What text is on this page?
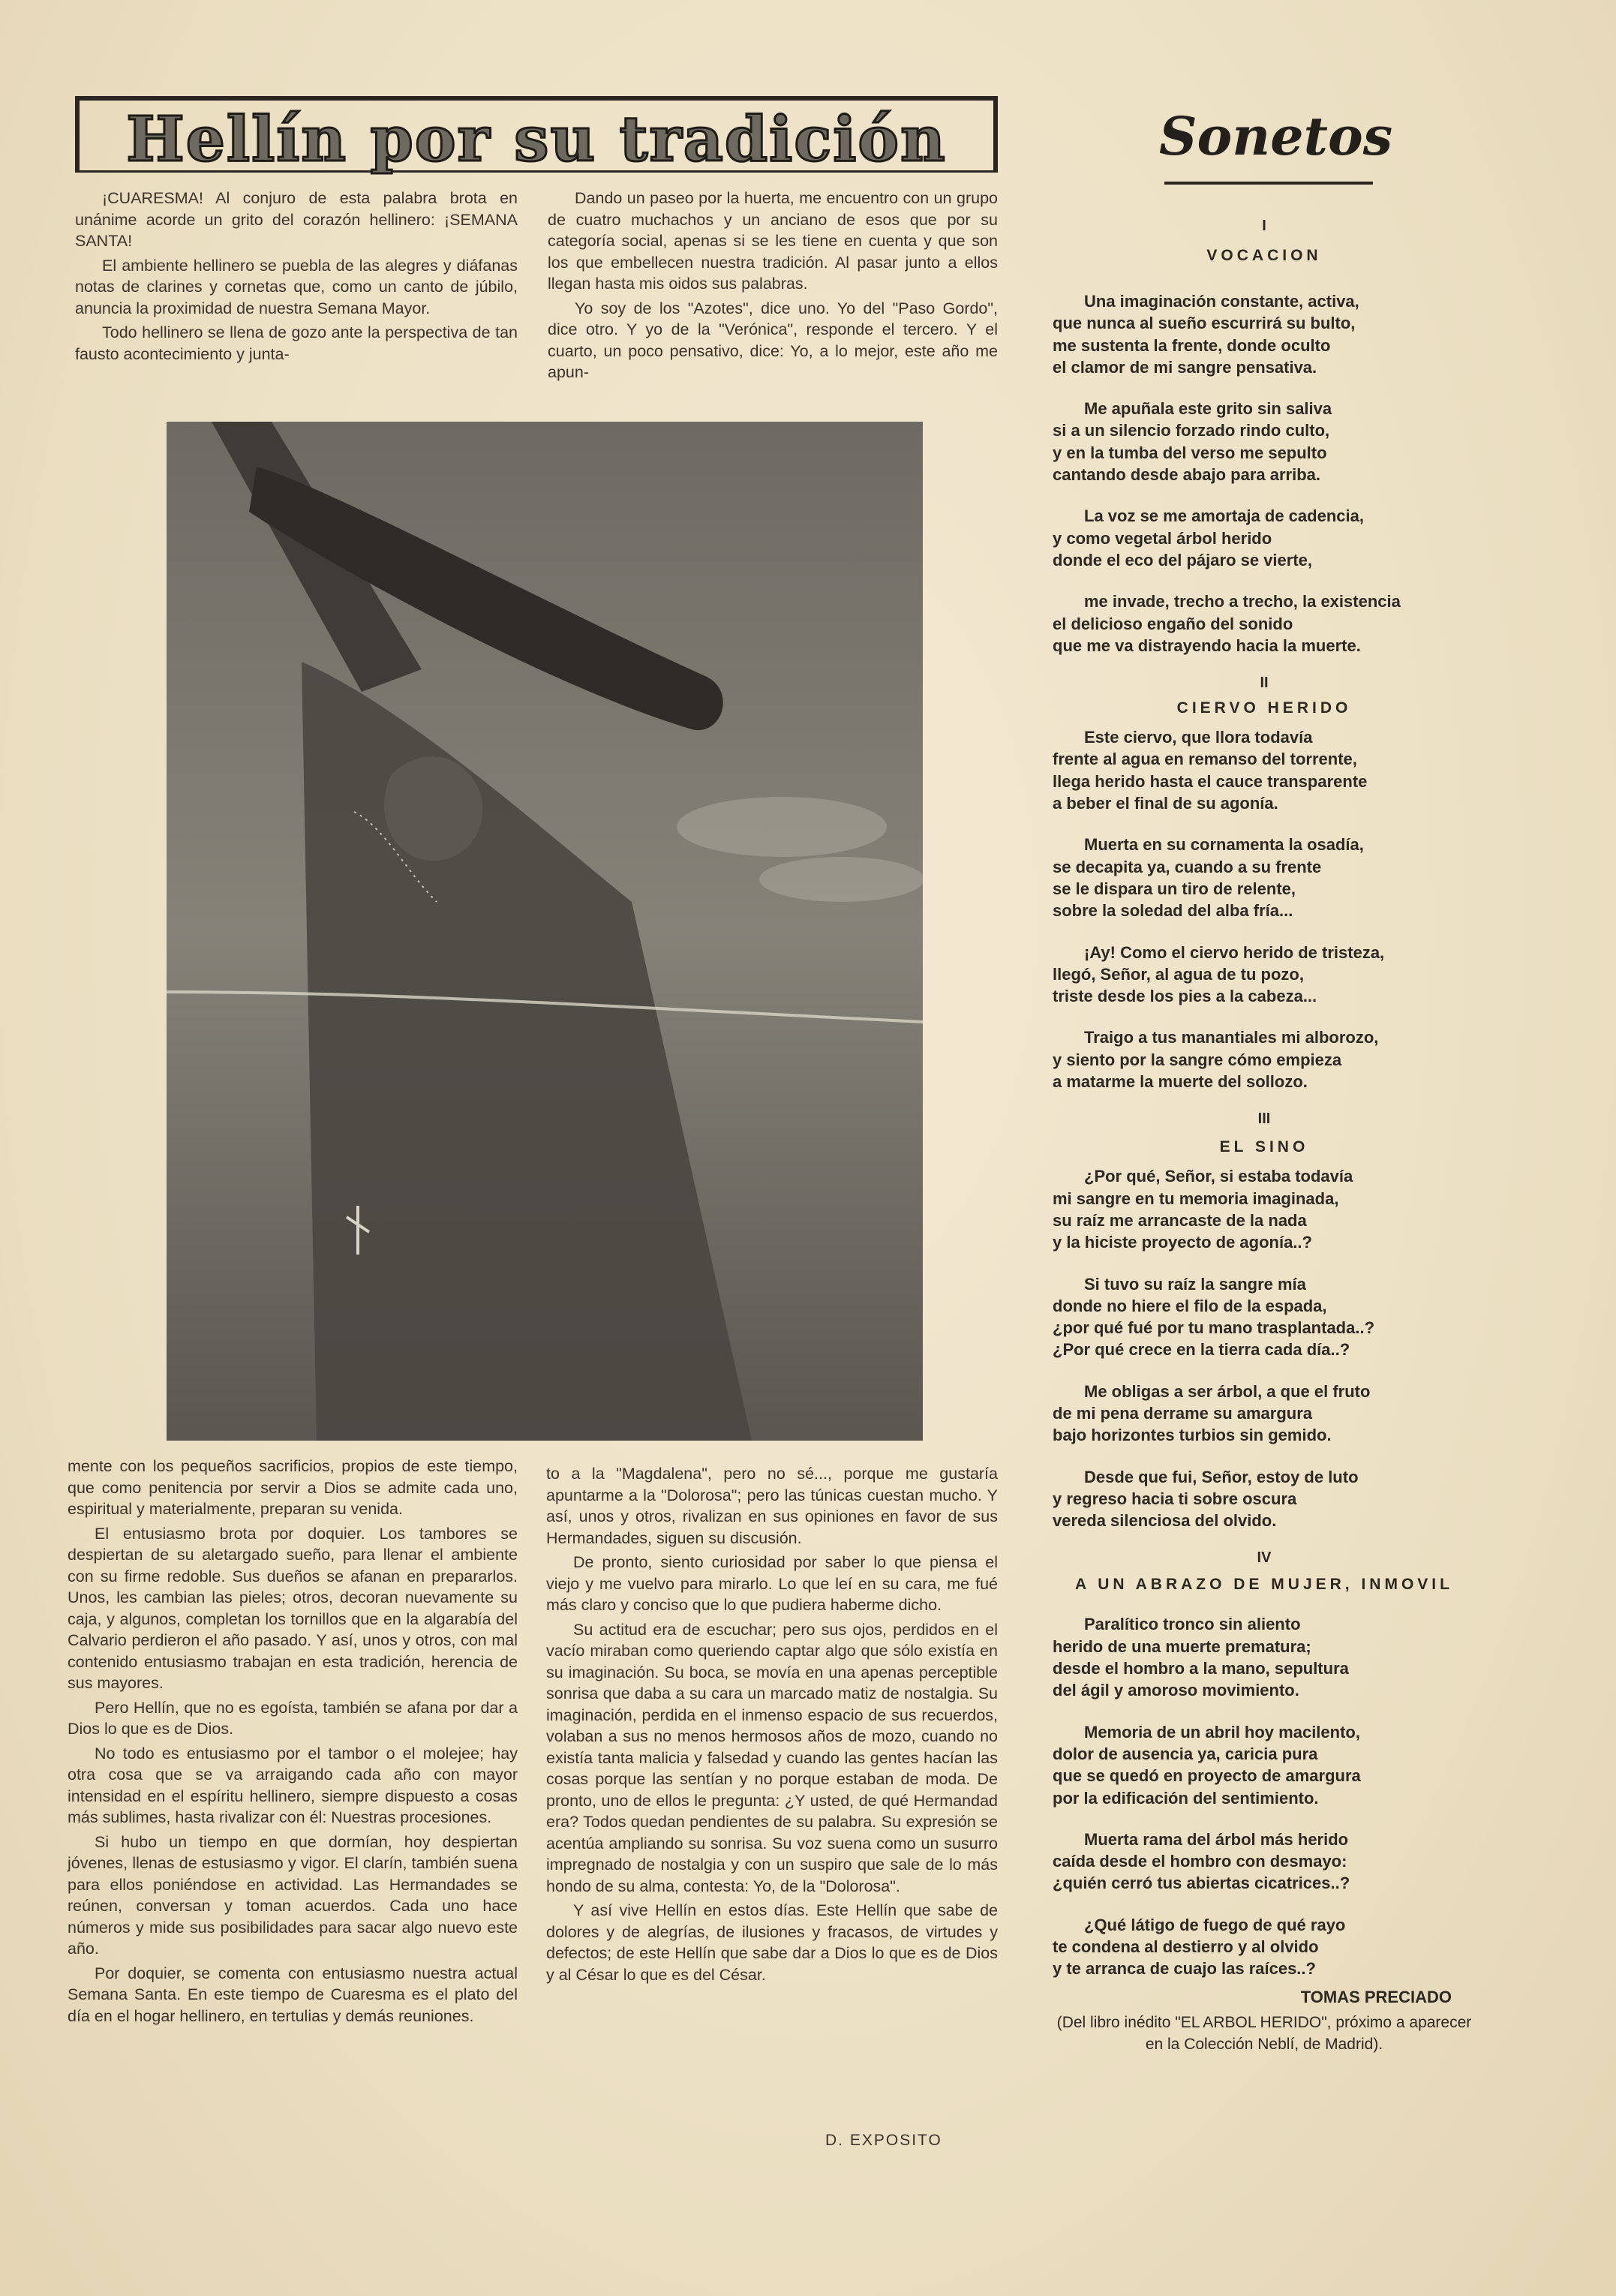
Hellín por su tradición

¡CUARESMA! Al conjuro de esta palabra brota en unánime acorde un grito del corazón hellinero: ¡SEMANA SANTA!

El ambiente hellinero se puebla de las alegres y diáfanas notas de clarines y cornetas que, como un canto de júbilo, anuncia la proximidad de nuestra Semana Mayor.

Todo hellinero se llena de gozo ante la perspectiva de tan fausto acontecimiento y junta-

Dando un paseo por la huerta, me encuentro con un grupo de cuatro muchachos y un anciano de esos que por su categoría social, apenas si se les tiene en cuenta y que son los que embellecen nuestra tradición. Al pasar junto a ellos llegan hasta mis oidos sus palabras.

Yo soy de los "Azotes", dice uno. Yo del "Paso Gordo", dice otro. Y yo de la "Verónica", responde el tercero. Y el cuarto, un poco pensativo, dice: Yo, a lo mejor, este año me apun-

mente con los pequeños sacrificios, propios de este tiempo, que como penitencia por servir a Dios se admite cada uno, espiritual y materialmente, preparan su venida.

El entusiasmo brota por doquier. Los tambores se despiertan de su aletargado sueño, para llenar el ambiente con su firme redoble. Sus dueños se afanan en prepararlos. Unos, les cambian las pieles; otros, decoran nuevamente su caja, y algunos, completan los tornillos que en la algarabía del Calvario perdieron el año pasado. Y así, unos y otros, con mal contenido entusiasmo trabajan en esta tradición, herencia de sus mayores.

Pero Hellín, que no es egoísta, también se afana por dar a Dios lo que es de Dios.

No todo es entusiasmo por el tambor o el molejee; hay otra cosa que se va arraigando cada año con mayor intensidad en el espíritu hellinero, siempre dispuesto a cosas más sublimes, hasta rivalizar con él: Nuestras procesiones.

Si hubo un tiempo en que dormían, hoy despiertan jóvenes, llenas de estusiasmo y vigor. El clarín, también suena para ellos poniéndose en actividad. Las Hermandades se reúnen, conversan y toman acuerdos. Cada uno hace números y mide sus posibilidades para sacar algo nuevo este año.

Por doquier, se comenta con entusiasmo nuestra actual Semana Santa. En este tiempo de Cuaresma es el plato del día en el hogar hellinero, en tertulias y demás reuniones.

to a la "Magdalena", pero no sé..., porque me gustaría apuntarme a la "Dolorosa"; pero las túnicas cuestan mucho. Y así, unos y otros, rivalizan en sus opiniones en favor de sus Hermandades, siguen su discusión.

De pronto, siento curiosidad por saber lo que piensa el viejo y me vuelvo para mirarlo. Lo que leí en su cara, me fué más claro y conciso que lo que pudiera haberme dicho.

Su actitud era de escuchar; pero sus ojos, perdidos en el vacío miraban como queriendo captar algo que sólo existía en su imaginación. Su boca, se movía en una apenas perceptible sonrisa que daba a su cara un marcado matiz de nostalgia. Su imaginación, perdida en el inmenso espacio de sus recuerdos, volaban a sus no menos hermosos años de mozo, cuando no existía tanta malicia y falsedad y cuando las gentes hacían las cosas porque las sentían y no porque estaban de moda. De pronto, uno de ellos le pregunta: ¿Y usted, de qué Hermandad era? Todos quedan pendientes de su palabra. Su expresión se acentúa ampliando su sonrisa. Su voz suena como un susurro impregnado de nostalgia y con un suspiro que sale de lo más hondo de su alma, contesta: Yo, de la "Dolorosa".

Y así vive Hellín en estos días. Este Hellín que sabe de dolores y de alegrías, de ilusiones y fracasos, de virtudes y defectos; de este Hellín que sabe dar a Dios lo que es de Dios y al César lo que es del César.

D. EXPOSITO
Sonetos

I

VOCACION

Una imaginación constante, activa,
que nunca al sueño escurrirá su bulto,
me sustenta la frente, donde oculto
el clamor de mi sangre pensativa.
Me apuñala este grito sin saliva
si a un silencio forzado rindo culto,
y en la tumba del verso me sepulto
cantando desde abajo para arriba.
La voz se me amortaja de cadencia,
y como vegetal árbol herido
donde el eco del pájaro se vierte,
me invade, trecho a trecho, la existencia
el delicioso engaño del sonido
que me va distrayendo hacia la muerte.

II

CIERVO HERIDO

Este ciervo, que llora todavía
frente al agua en remanso del torrente,
llega herido hasta el cauce transparente
a beber el final de su agonía.
Muerta en su cornamenta la osadía,
se decapita ya, cuando a su frente
se le dispara un tiro de relente,
sobre la soledad del alba fría...
¡Ay! Como el ciervo herido de tristeza,
llegó, Señor, al agua de tu pozo,
triste desde los pies a la cabeza...
Traigo a tus manantiales mi alborozo,
y siento por la sangre cómo empieza
a matarme la muerte del sollozo.

III

EL SINO

¿Por qué, Señor, si estaba todavía
mi sangre en tu memoria imaginada,
su raíz me arrancaste de la nada
y la hiciste proyecto de agonía..?
Si tuvo su raíz la sangre mía
donde no hiere el filo de la espada,
¿por qué fué por tu mano trasplantada..?
¿Por qué crece en la tierra cada día..?
Me obligas a ser árbol, a que el fruto
de mi pena derrame su amargura
bajo horizontes turbios sin gemido.
Desde que fui, Señor, estoy de luto
y regreso hacia ti sobre oscura
vereda silenciosa del olvido.

IV

A UN ABRAZO DE MUJER, INMOVIL

Paralítico tronco sin aliento
herido de una muerte prematura;
desde el hombro a la mano, sepultura
del ágil y amoroso movimiento.
Memoria de un abril hoy macilento,
dolor de ausencia ya, caricia pura
que se quedó en proyecto de amargura
por la edificación del sentimiento.
Muerta rama del árbol más herido
caída desde el hombro con desmayo:
¿quién cerró tus abiertas cicatrices..?
¿Qué látigo de fuego de qué rayo
te condena al destierro y al olvido
y te arranca de cuajo las raíces..?

TOMAS PRECIADO

(Del libro inédito "EL ARBOL HERIDO", próximo a aparecer en la Colección Neblí, de Madrid).
